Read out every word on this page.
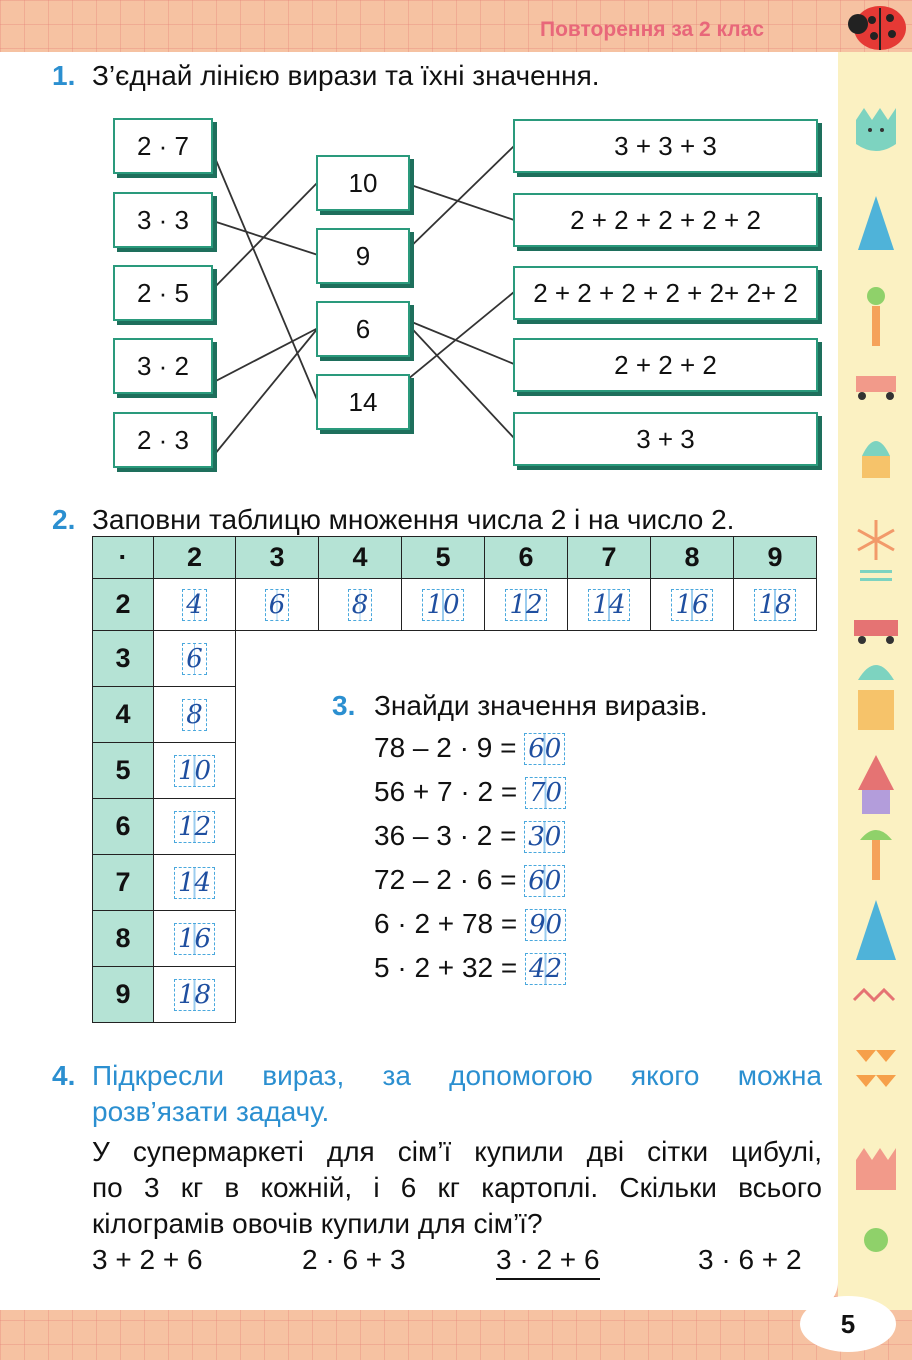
Повторення за 2 клас
1. З’єднай лінією вирази та їхні значення.
2 · 7
3 · 3
2 · 5
3 · 2
2 · 3
10
9
6
14
3 + 3 + 3
2 + 2 + 2 + 2 + 2
2 + 2 + 2 + 2 + 2+ 2+ 2
2 + 2 + 2
3 + 3
2. Заповни таблицю множення числа 2 і на число 2.
·	2	3	4	5	6	7	8	9
2	4	6	8	10	12	14	16	18
3	6							
4	8							
5	10							
6	12							
7	14							
8	16							
9	18							
3. Знайди значення виразів.
78 – 2 · 9 = 60
56 + 7 · 2 = 70
36 – 3 · 2 = 30
72 – 2 · 6 = 60
6 · 2 + 78 = 90
5 · 2 + 32 = 42
4. Підкресли вираз, за допомогою якого можна
розв’язати задачу.
У супермаркеті для сім’ї купили дві сітки цибулі,
по 3 кг в кожній, і 6 кг картоплі. Скільки всього
кілограмів овочів купили для сім’ї?
3 + 2 + 6	2 · 6 + 3	3 · 2 + 6	3 · 6 + 2
5
